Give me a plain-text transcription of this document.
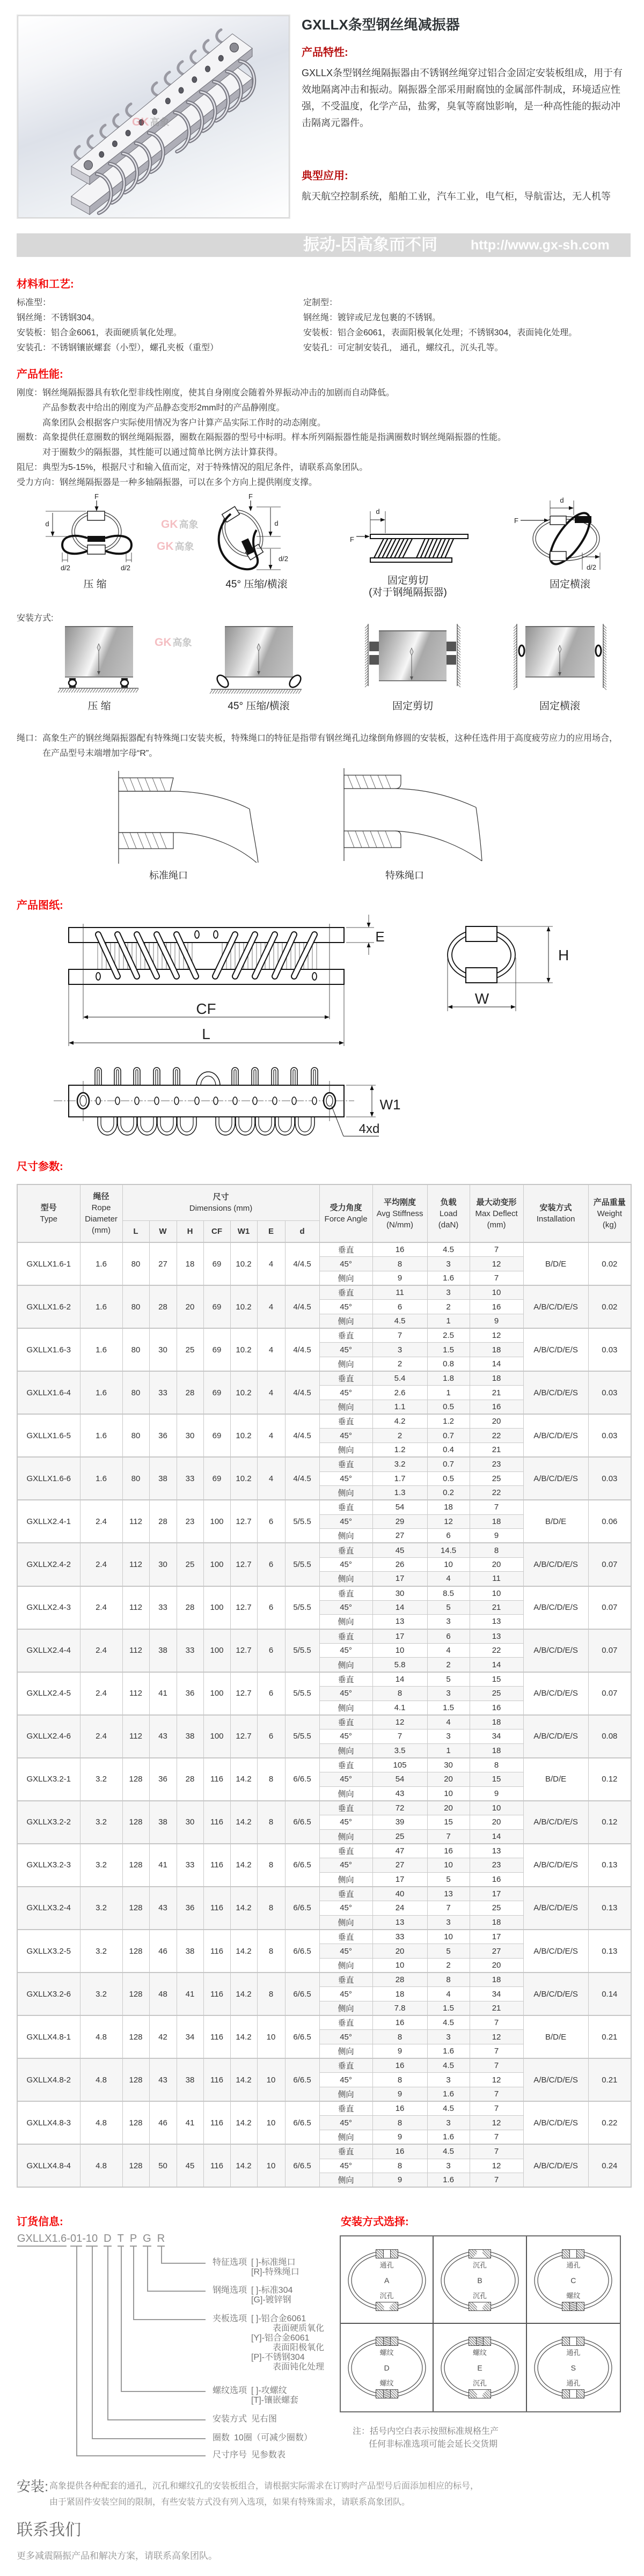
GK 高象
GXLLX条型钢丝绳减振器
产品特性:
GXLLX条型钢丝绳隔振器由不锈钢丝绳穿过铝合金固定安装板组成，用于有
效地隔离冲击和振动。隔振器全部采用耐腐蚀的金属部件制成，环境适应性
强，不受温度，化学产品，盐雾，臭氧等腐蚀影响，是一种高性能的振动冲
击隔离元器件。
典型应用:
航天航空控制系统，船舶工业，汽车工业，电气柜，导航雷达，无人机等
振动-因高象而不同 http://www.gx-sh.com
材料和工艺:
标准型：
钢丝绳：不锈钢304。
安装板：铝合金6061，表面硬质氧化处理。
安装孔：不锈钢镶嵌螺套（小型），螺孔夹板（重型）
定制型：
钢丝绳：镀锌或尼龙包裹的不锈钢。
安装板：铝合金6061，表面阳极氧化处理；不锈钢304，表面钝化处理。
安装孔：可定制安装孔， 通孔，螺纹孔，沉头孔等。
产品性能:
刚度：钢丝绳隔振器具有软化型非线性刚度，使其自身刚度会随着外界振动冲击的加剧而自动降低。
产品参数表中给出的刚度为产品静态变形2mm时的产品静刚度。
高象团队会根据客户实际使用情况为客户计算产品实际工作时的动态刚度。
圈数：高象提供任意圈数的钢丝绳隔振器，圈数在隔振器的型号中标明。样本所列隔振器性能是指满圈数时钢丝绳隔振器的性能。
对于圈数少的隔振器，其性能可以通过简单比例方法计算获得。
阻尼：典型为5-15%，根据尺寸和输入值而定，对于特殊情况的阻尼条件，请联系高象团队。
受力方向：钢丝绳隔振器是一种多轴隔振器，可以在多个方向上提供刚度支撑。
F
d
d/2	d/2
F
d
d/2
F
d
F
d
d/2
GK 高象
GK 高象
压 缩	45° 压缩/横滚	固定剪切
(对于钢绳隔振器)
固定横滚
安装方式:
GK 高象
压 缩	45° 压缩/横滚	固定剪切	固定横滚
绳口：高象生产的钢丝绳隔振器配有特殊绳口安装夹板，特殊绳口的特征是指带有钢丝绳孔边缘倒角修圆的安装板，这种任选件用于高度疲劳应力的应用场合，
在产品型号末端增加字母“R”。
标准绳口	特殊绳口
产品图纸:
CF
L
E
H
W
W1
4xd
尺寸参数:
型号
Type	绳径
Rope Diameter
(mm)	尺寸
Dimensions (mm)							受力角度
Force Angle	平均刚度
Avg Stiffness
(N/mm)	负载
Load
(daN)	最大动变形
Max Deflect
(mm)	安装方式
Installation	产品重量
Weight
(kg)

		L	W	H	CF	W1	E	d						
GXLLX1.6-1	1.6	80	27	18	69	10.2	4	4/4.5	垂直	16	4.5	7	B/D/E	0.02
									45°	8	3	12		
									侧向	9	1.6	7		
GXLLX1.6-2	1.6	80	28	20	69	10.2	4	4/4.5	垂直	11	3	10	A/B/C/D/E/S	0.02
									45°	6	2	16		
									侧向	4.5	1	9		
GXLLX1.6-3	1.6	80	30	25	69	10.2	4	4/4.5	垂直	7	2.5	12	A/B/C/D/E/S	0.03
									45°	3	1.5	18		
									侧向	2	0.8	14		
GXLLX1.6-4	1.6	80	33	28	69	10.2	4	4/4.5	垂直	5.4	1.8	18	A/B/C/D/E/S	0.03
									45°	2.6	1	21		
									侧向	1.1	0.5	16		
GXLLX1.6-5	1.6	80	36	30	69	10.2	4	4/4.5	垂直	4.2	1.2	20	A/B/C/D/E/S	0.03
									45°	2	0.7	22		
									侧向	1.2	0.4	21		
GXLLX1.6-6	1.6	80	38	33	69	10.2	4	4/4.5	垂直	3.2	0.7	23	A/B/C/D/E/S	0.03
									45°	1.7	0.5	25		
									侧向	1.3	0.2	22		
GXLLX2.4-1	2.4	112	28	23	100	12.7	6	5/5.5	垂直	54	18	7	B/D/E	0.06
									45°	29	12	18		
									侧向	27	6	9		
GXLLX2.4-2	2.4	112	30	25	100	12.7	6	5/5.5	垂直	45	14.5	8	A/B/C/D/E/S	0.07
									45°	26	10	20		
									侧向	17	4	11		
GXLLX2.4-3	2.4	112	33	28	100	12.7	6	5/5.5	垂直	30	8.5	10	A/B/C/D/E/S	0.07
									45°	14	5	21		
									侧向	13	3	13		
GXLLX2.4-4	2.4	112	38	33	100	12.7	6	5/5.5	垂直	17	6	13	A/B/C/D/E/S	0.07
									45°	10	4	22		
									侧向	5.8	2	14		
GXLLX2.4-5	2.4	112	41	36	100	12.7	6	5/5.5	垂直	14	5	15	A/B/C/D/E/S	0.07
									45°	8	3	25		
									侧向	4.1	1.5	16		
GXLLX2.4-6	2.4	112	43	38	100	12.7	6	5/5.5	垂直	12	4	18	A/B/C/D/E/S	0.08
									45°	7	3	34		
									侧向	3.5	1	18		
GXLLX3.2-1	3.2	128	36	28	116	14.2	8	6/6.5	垂直	105	30	8	B/D/E	0.12
									45°	54	20	15		
									侧向	43	10	9		
GXLLX3.2-2	3.2	128	38	30	116	14.2	8	6/6.5	垂直	72	20	10	A/B/C/D/E/S	0.12
									45°	39	15	20		
									侧向	25	7	14		
GXLLX3.2-3	3.2	128	41	33	116	14.2	8	6/6.5	垂直	47	16	13	A/B/C/D/E/S	0.13
									45°	27	10	23		
									侧向	17	5	16		
GXLLX3.2-4	3.2	128	43	36	116	14.2	8	6/6.5	垂直	40	13	17	A/B/C/D/E/S	0.13
									45°	24	7	25		
									侧向	13	3	18		
GXLLX3.2-5	3.2	128	46	38	116	14.2	8	6/6.5	垂直	33	10	17	A/B/C/D/E/S	0.13
									45°	20	5	27		
									侧向	10	2	20		
GXLLX3.2-6	3.2	128	48	41	116	14.2	8	6/6.5	垂直	28	8	18	A/B/C/D/E/S	0.14
									45°	18	4	34		
									侧向	7.8	1.5	21		
GXLLX4.8-1	4.8	128	42	34	116	14.2	10	6/6.5	垂直	16	4.5	7	B/D/E	0.21
									45°	8	3	12		
									侧向	9	1.6	7		
GXLLX4.8-2	4.8	128	43	38	116	14.2	10	6/6.5	垂直	16	4.5	7	A/B/C/D/E/S	0.21
									45°	8	3	12		
									侧向	9	1.6	7		
GXLLX4.8-3	4.8	128	46	41	116	14.2	10	6/6.5	垂直	16	4.5	7	A/B/C/D/E/S	0.22
									45°	8	3	12		
									侧向	9	1.6	7		
GXLLX4.8-4	4.8	128	50	45	116	14.2	10	6/6.5	垂直	16	4.5	7	A/B/C/D/E/S	0.24
									45°	8	3	12		
									侧向	9	1.6	7		
订货信息:	安装方式选择:
GXLLX1.6-01-10 D T P G R
特征选项 [ ]-标准绳口
[R]-特殊绳口
钢绳选项 [ ]-标准304
[G]-镀锌钢
夹板选项 [ ]-铝合金6061
表面硬质氧化
[Y]-铝合金6061
表面阳极氧化
[P]-不锈钢304
表面钝化处理
螺纹选项 [ ]-攻螺纹
[T]-镶嵌螺套
安装方式 见右图
圈数 10圈（可减少圈数）
尺寸序号 见参数表
通孔
A
沉孔
沉孔
B
沉孔
通孔
C
螺纹
螺纹
D
螺纹
螺纹
E
沉孔
通孔
S
通孔
注：括号内空白表示按照标准规格生产
任何非标准选项可能会延长交货期
安装: 高象提供各种配套的通孔，沉孔和螺纹孔的安装板组合，请根据实际需求在订购时产品型号后面添加相应的标号，
由于紧固件安装空间的限制，有些安装方式没有列入选项，如果有特殊需求，请联系高象团队。
联系我们
更多减震隔振产品和解决方案，请联系高象团队。
